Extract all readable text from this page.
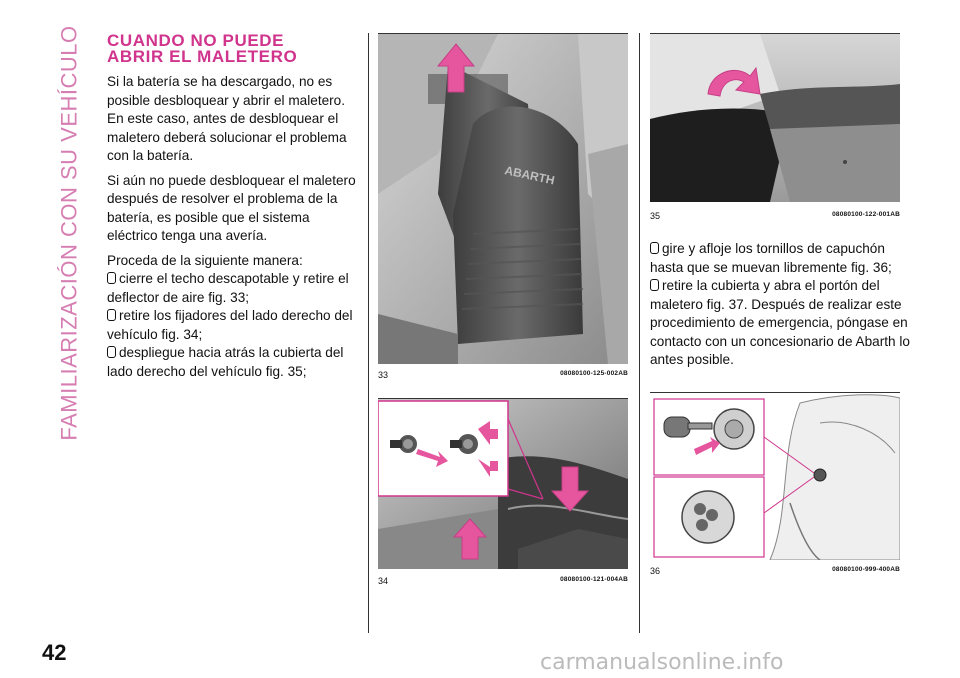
FAMILIARIZACIÓN CON SU VEHÍCULO
42
CUANDO NO PUEDE
ABRIR EL MALETERO

Si la batería se ha descargado, no es posible desbloquear y abrir el maletero. En este caso, antes de desbloquear el maletero deberá solucionar el problema con la batería.

Si aún no puede desbloquear el maletero después de resolver el problema de la batería, es posible que el sistema eléctrico tenga una avería.

Proceda de la siguiente manera:

cierre el techo descapotable y retire el deflector de aire fig. 33;

retire los fijadores del lado derecho del vehículo fig. 34;

despliegue hacia atrás la cubierta del lado derecho del vehículo fig. 35;

ABARTH
33	08080100-125-002AB
34	08080100-121-004AB
35	08080100-122-001AB

gire y afloje los tornillos de capuchón hasta que se muevan libremente fig. 36;

retire la cubierta y abra el portón del maletero fig. 37. Después de realizar este procedimiento de emergencia, póngase en contacto con un concesionario de Abarth lo antes posible.

36	08080100-999-400AB
carmanualsonline.info
